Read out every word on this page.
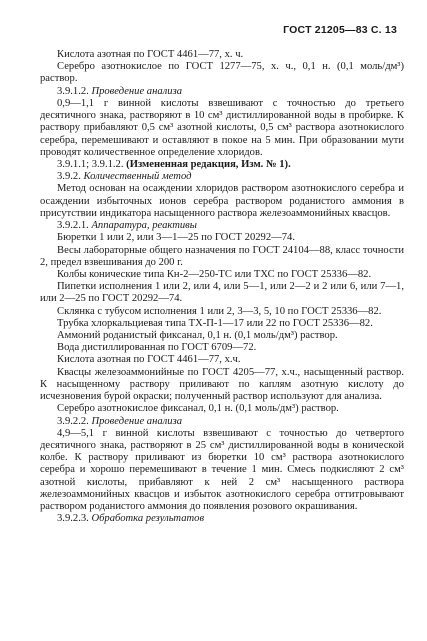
ГОСТ 21205—83 С. 13

Кислота азотная по ГОСТ 4461—77, х. ч.

Серебро азотнокислое по ГОСТ 1277—75, х. ч., 0,1 н. (0,1 моль/дм³) раствор.

3.9.1.2. Проведение анализа

0,9—1,1 г винной кислоты взвешивают с точностью до третьего десятичного знака, растворяют в 10 см³ дистиллированной воды в пробирке. К раствору прибавляют 0,5 см³ азотной кислоты, 0,5 см³ раствора азотнокислого серебра, перемешивают и оставляют в покое на 5 мин. При образовании мути проводят количественное определение хлоридов.

3.9.1.1; 3.9.1.2. (Измененная редакция, Изм. № 1).

3.9.2. Количественный метод

Метод основан на осаждении хлоридов раствором азотнокислого серебра и осаждении избыточных ионов серебра раствором роданистого аммония в присутствии индикатора насыщенного раствора железоаммонийных квасцов.

3.9.2.1. Аппаратура, реактивы

Бюретки 1 или 2, или 3—1—25 по ГОСТ 20292—74.

Весы лабораторные общего назначения по ГОСТ 24104—88, класс точности 2, предел взвешивания до 200 г.

Колбы конические типа Кн-2—250-ТС или ТХС по ГОСТ 25336—82.

Пипетки исполнения 1 или 2, или 4, или 5—1, или 2—2 и 2 или 6, или 7—1, или 2—25 по ГОСТ 20292—74.

Склянка с тубусом исполнения 1 или 2, 3—3, 5, 10 по ГОСТ 25336—82.

Трубка хлоркальциевая типа ТХ-П-1—17 или 22 по ГОСТ 25336—82.

Аммоний роданистый фиксанал, 0,1 н. (0,1 моль/дм³) раствор.

Вода дистиллированная по ГОСТ 6709—72.

Кислота азотная по ГОСТ 4461—77, х.ч.

Квасцы железоаммонийные по ГОСТ 4205—77, х.ч., насыщенный раствор. К насыщенному раствору приливают по каплям азотную кислоту до исчезновения бурой окраски; полученный раствор используют для анализа.

Серебро азотнокислое фиксанал, 0,1 н. (0,1 моль/дм³) раствор.

3.9.2.2. Проведение анализа

4,9—5,1 г винной кислоты взвешивают с точностью до четвертого десятичного знака, растворяют в 25 см³ дистиллированной воды в конической колбе. К раствору приливают из бюретки 10 см³ раствора азотнокислого серебра и хорошо перемешивают в течение 1 мин. Смесь подкисляют 2 см³ азотной кислоты, прибавляют к ней 2 см³ насыщенного раствора железоаммонийных квасцов и избыток азотнокислого серебра оттитровывают раствором роданистого аммония до появления розового окрашивания.

3.9.2.3. Обработка результатов
